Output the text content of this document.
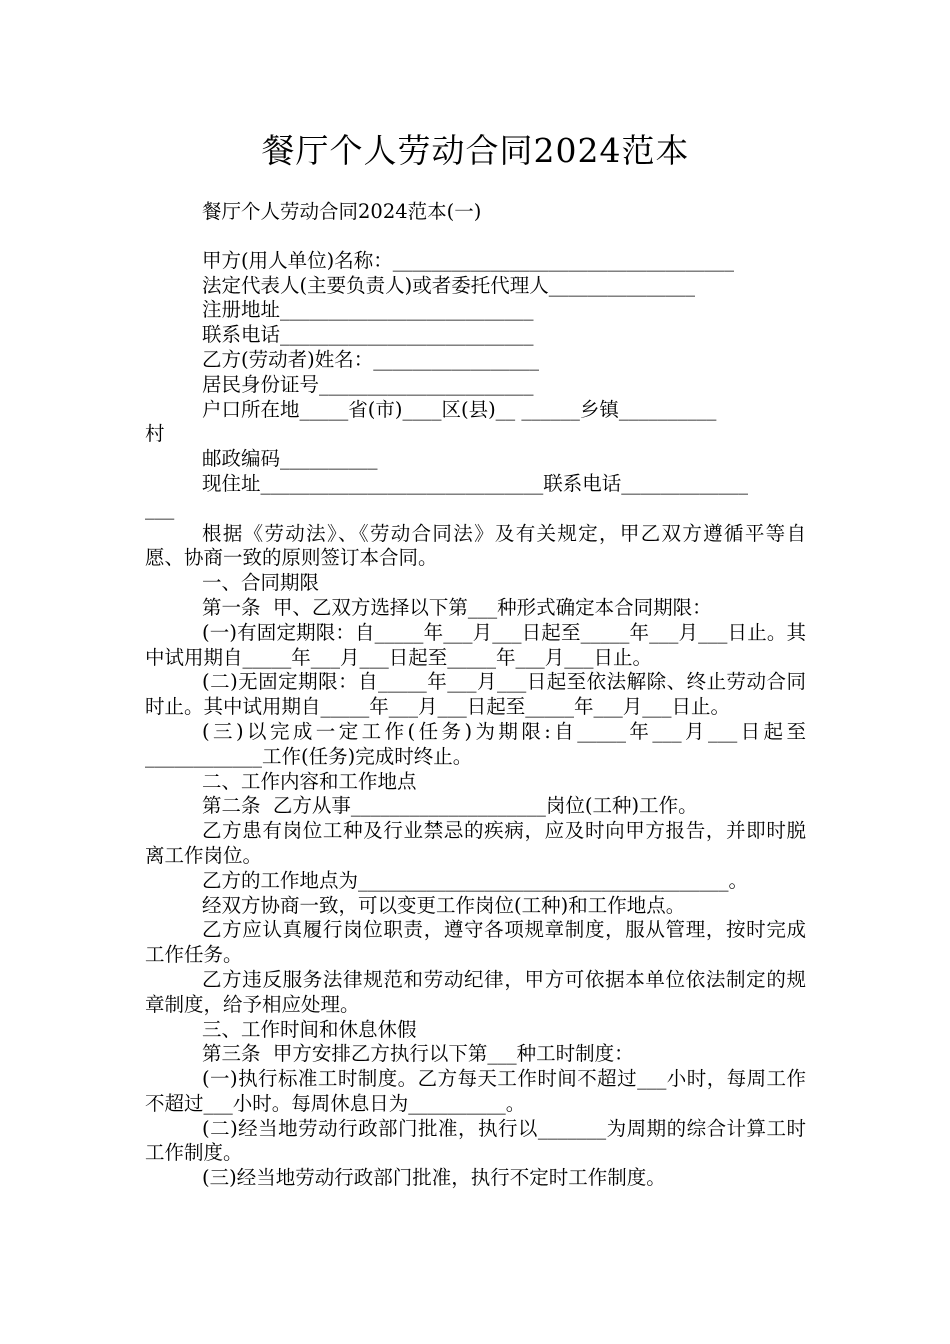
餐厅个人劳动合同2024范本

餐厅个人劳动合同2024范本(一)

甲方(用人单位)名称：___________________________________

法定代表人(主要负责人)或者委托代理人_______________

注册地址__________________________

联系电话__________________________

乙方(劳动者)姓名：_________________

居民身份证号______________________

户口所在地_____省(市)____区(县)__ ______乡镇__________

村

邮政编码__________

现住址_____________________________联系电话_____________

___

根据《劳动法》、《劳动合同法》及有关规定，甲乙双方遵循平等自愿、协商一致的原则签订本合同。

一、合同期限

第一条  甲、乙双方选择以下第___种形式确定本合同期限：

(一)有固定期限：自_____年___月___日起至_____年___月___日止。其中试用期自_____年___月___日起至_____年___月___日止。

(二)无固定期限：自_____年___月___日起至依法解除、终止劳动合同时止。其中试用期自_____年___月___日起至_____年___月___日止。

(三)以完成一定工作(任务)为期限:自_____年___月___日起至____________工作(任务)完成时终止。

二、工作内容和工作地点

第二条  乙方从事____________________岗位(工种)工作。

乙方患有岗位工种及行业禁忌的疾病，应及时向甲方报告，并即时脱离工作岗位。

乙方的工作地点为______________________________________。

经双方协商一致，可以变更工作岗位(工种)和工作地点。

乙方应认真履行岗位职责，遵守各项规章制度，服从管理，按时完成工作任务。

乙方违反服务法律规范和劳动纪律，甲方可依据本单位依法制定的规章制度，给予相应处理。

三、工作时间和休息休假

第三条  甲方安排乙方执行以下第___种工时制度：

(一)执行标准工时制度。乙方每天工作时间不超过___小时，每周工作不超过___小时。每周休息日为__________。

(二)经当地劳动行政部门批准，执行以_______为周期的综合计算工时工作制度。

(三)经当地劳动行政部门批准，执行不定时工作制度。
